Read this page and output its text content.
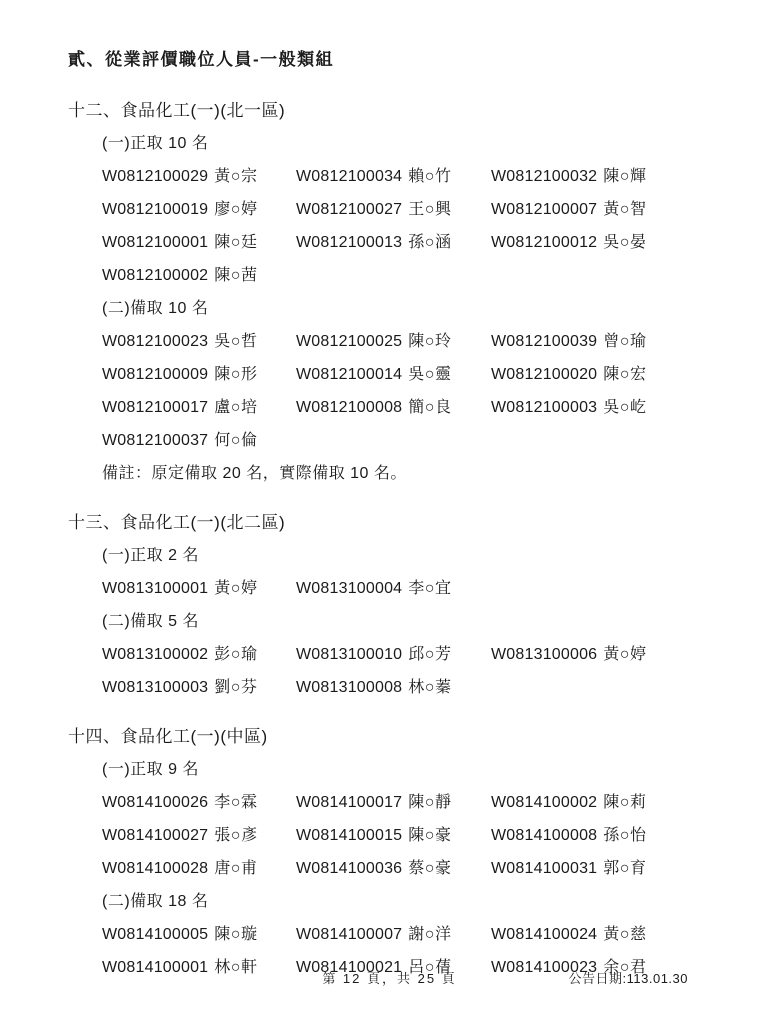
貳、從業評價職位人員-一般類組
十二、食品化工(一)(北一區)
(一)正取 10 名
W0812100029 黃○宗	W0812100034 賴○竹	W0812100032 陳○輝
W0812100019 廖○婷	W0812100027 王○興	W0812100007 黃○智
W0812100001 陳○廷	W0812100013 孫○涵	W0812100012 吳○晏
W0812100002 陳○茜
(二)備取 10 名
W0812100023 吳○哲	W0812100025 陳○玲	W0812100039 曾○瑜
W0812100009 陳○形	W0812100014 吳○靈	W0812100020 陳○宏
W0812100017 盧○培	W0812100008 簡○良	W0812100003 吳○屹
W0812100037 何○倫
備註：原定備取 20 名，實際備取 10 名。
十三、食品化工(一)(北二區)
(一)正取 2 名
W0813100001 黃○婷	W0813100004 李○宜
(二)備取 5 名
W0813100002 彭○瑜	W0813100010 邱○芳	W0813100006 黃○婷
W0813100003 劉○芬	W0813100008 林○蓁
十四、食品化工(一)(中區)
(一)正取 9 名
W0814100026 李○霖	W0814100017 陳○靜	W0814100002 陳○莉
W0814100027 張○彥	W0814100015 陳○豪	W0814100008 孫○怡
W0814100028 唐○甫	W0814100036 蔡○豪	W0814100031 郭○育
(二)備取 18 名
W0814100005 陳○璇	W0814100007 謝○洋	W0814100024 黃○慈
W0814100001 林○軒	W0814100021 呂○蒨	W0814100023 余○君
第 12 頁，共 25 頁	公告日期:113.01.30
